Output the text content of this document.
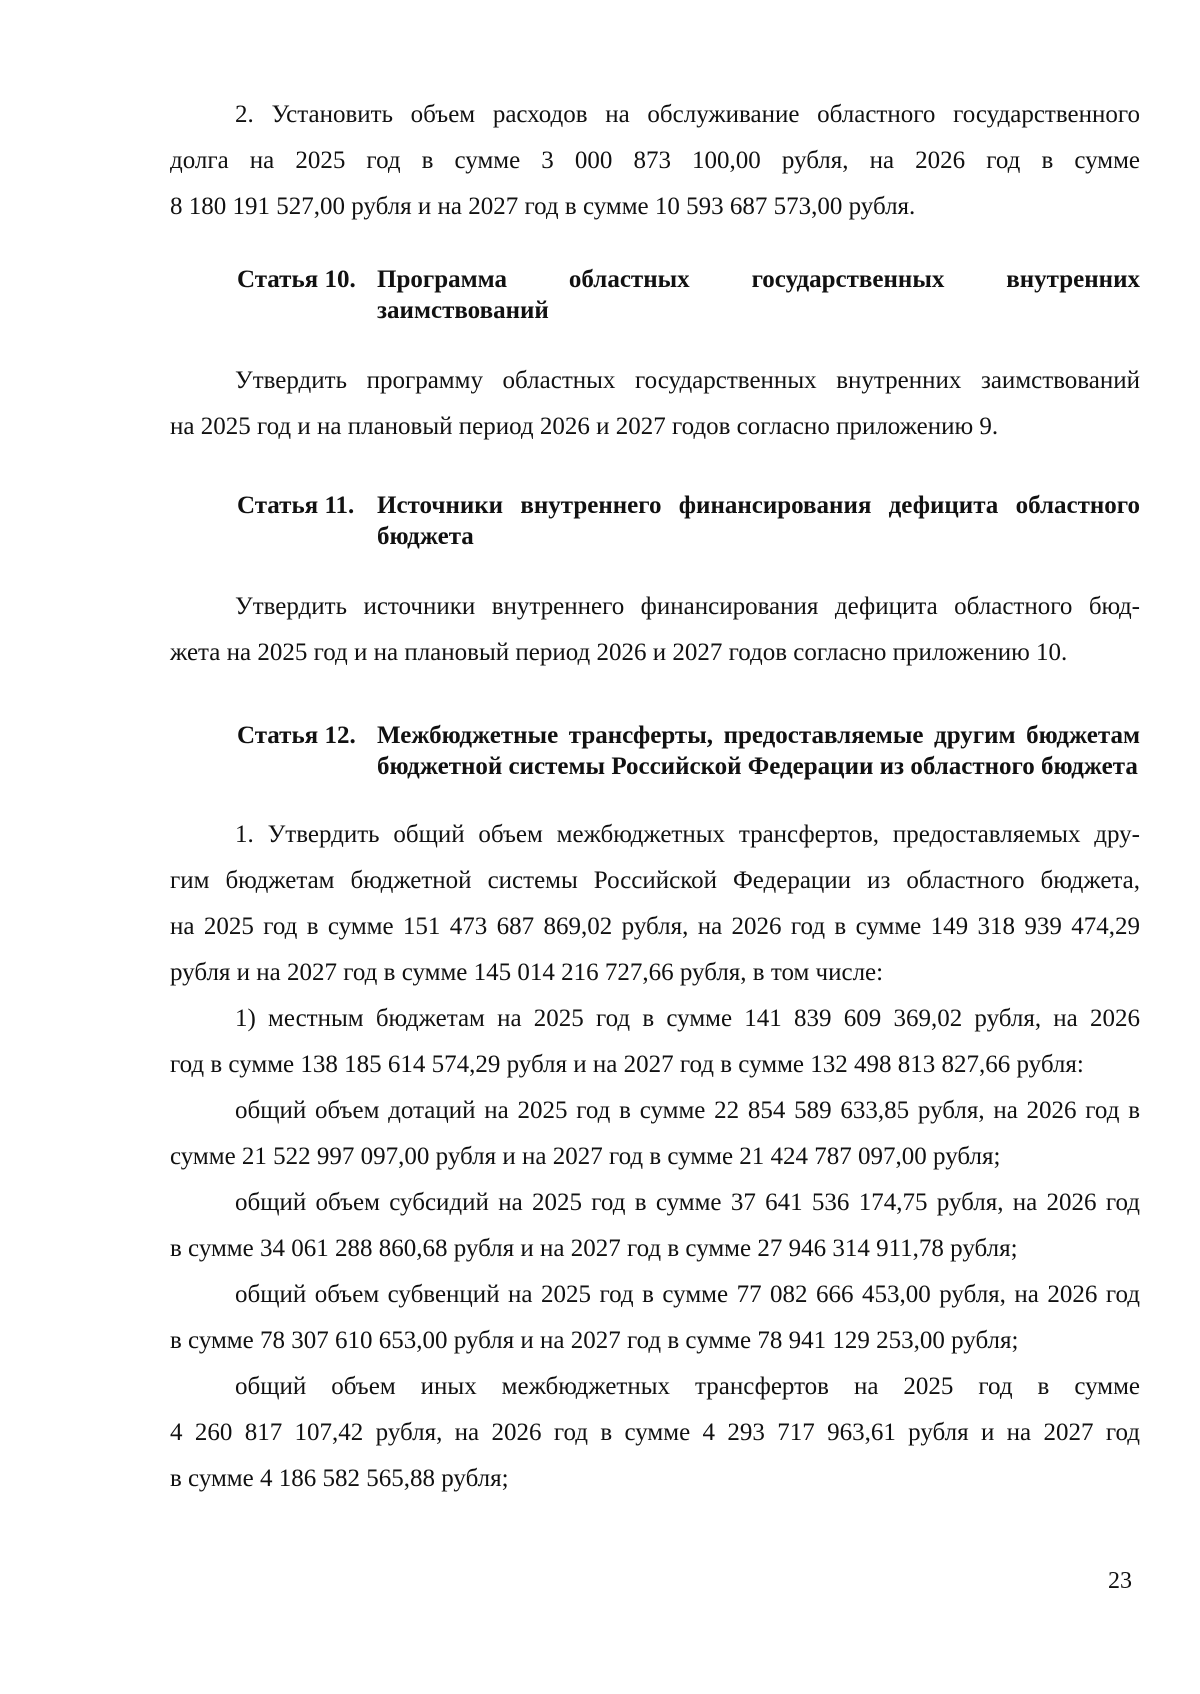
2. Установить объем расходов на обслуживание областного государственного

долга на 2025 год в сумме 3 000 873 100,00 рубля, на 2026 год в сумме

8 180 191 527,00 рубля и на 2027 год в сумме 10 593 687 573,00 рубля.

Статья 10. Программа областных государственных внутренних заимствований

Утвердить программу областных государственных внутренних заимствований

на 2025 год и на плановый период 2026 и 2027 годов согласно приложению 9.

Статья 11. Источники внутреннего финансирования дефицита областного бюджета

Утвердить источники внутреннего финансирования дефицита областного бюд-

жета на 2025 год и на плановый период 2026 и 2027 годов согласно приложению 10.

Статья 12. Межбюджетные трансферты, предоставляемые другим бюджетам бюджетной системы Российской Федерации из областного бюджета

1. Утвердить общий объем межбюджетных трансфертов, предоставляемых дру-

гим бюджетам бюджетной системы Российской Федерации из областного бюджета,

на 2025 год в сумме 151 473 687 869,02 рубля, на 2026 год в сумме 149 318 939 474,29

рубля и на 2027 год в сумме 145 014 216 727,66 рубля, в том числе:

1) местным бюджетам на 2025 год в сумме 141 839 609 369,02 рубля, на 2026

год в сумме 138 185 614 574,29 рубля и на 2027 год в сумме 132 498 813 827,66 рубля:

общий объем дотаций на 2025 год в сумме 22 854 589 633,85 рубля, на 2026 год в

сумме 21 522 997 097,00 рубля и на 2027 год в сумме 21 424 787 097,00 рубля;

общий объем субсидий на 2025 год в сумме 37 641 536 174,75 рубля, на 2026 год

в сумме 34 061 288 860,68 рубля и на 2027 год в сумме 27 946 314 911,78 рубля;

общий объем субвенций на 2025 год в сумме 77 082 666 453,00 рубля, на 2026 год

в сумме 78 307 610 653,00 рубля и на 2027 год в сумме 78 941 129 253,00 рубля;

общий объем иных межбюджетных трансфертов на 2025 год в сумме

4 260 817 107,42 рубля, на 2026 год в сумме 4 293 717 963,61 рубля и на 2027 год

в сумме 4 186 582 565,88 рубля;

23
